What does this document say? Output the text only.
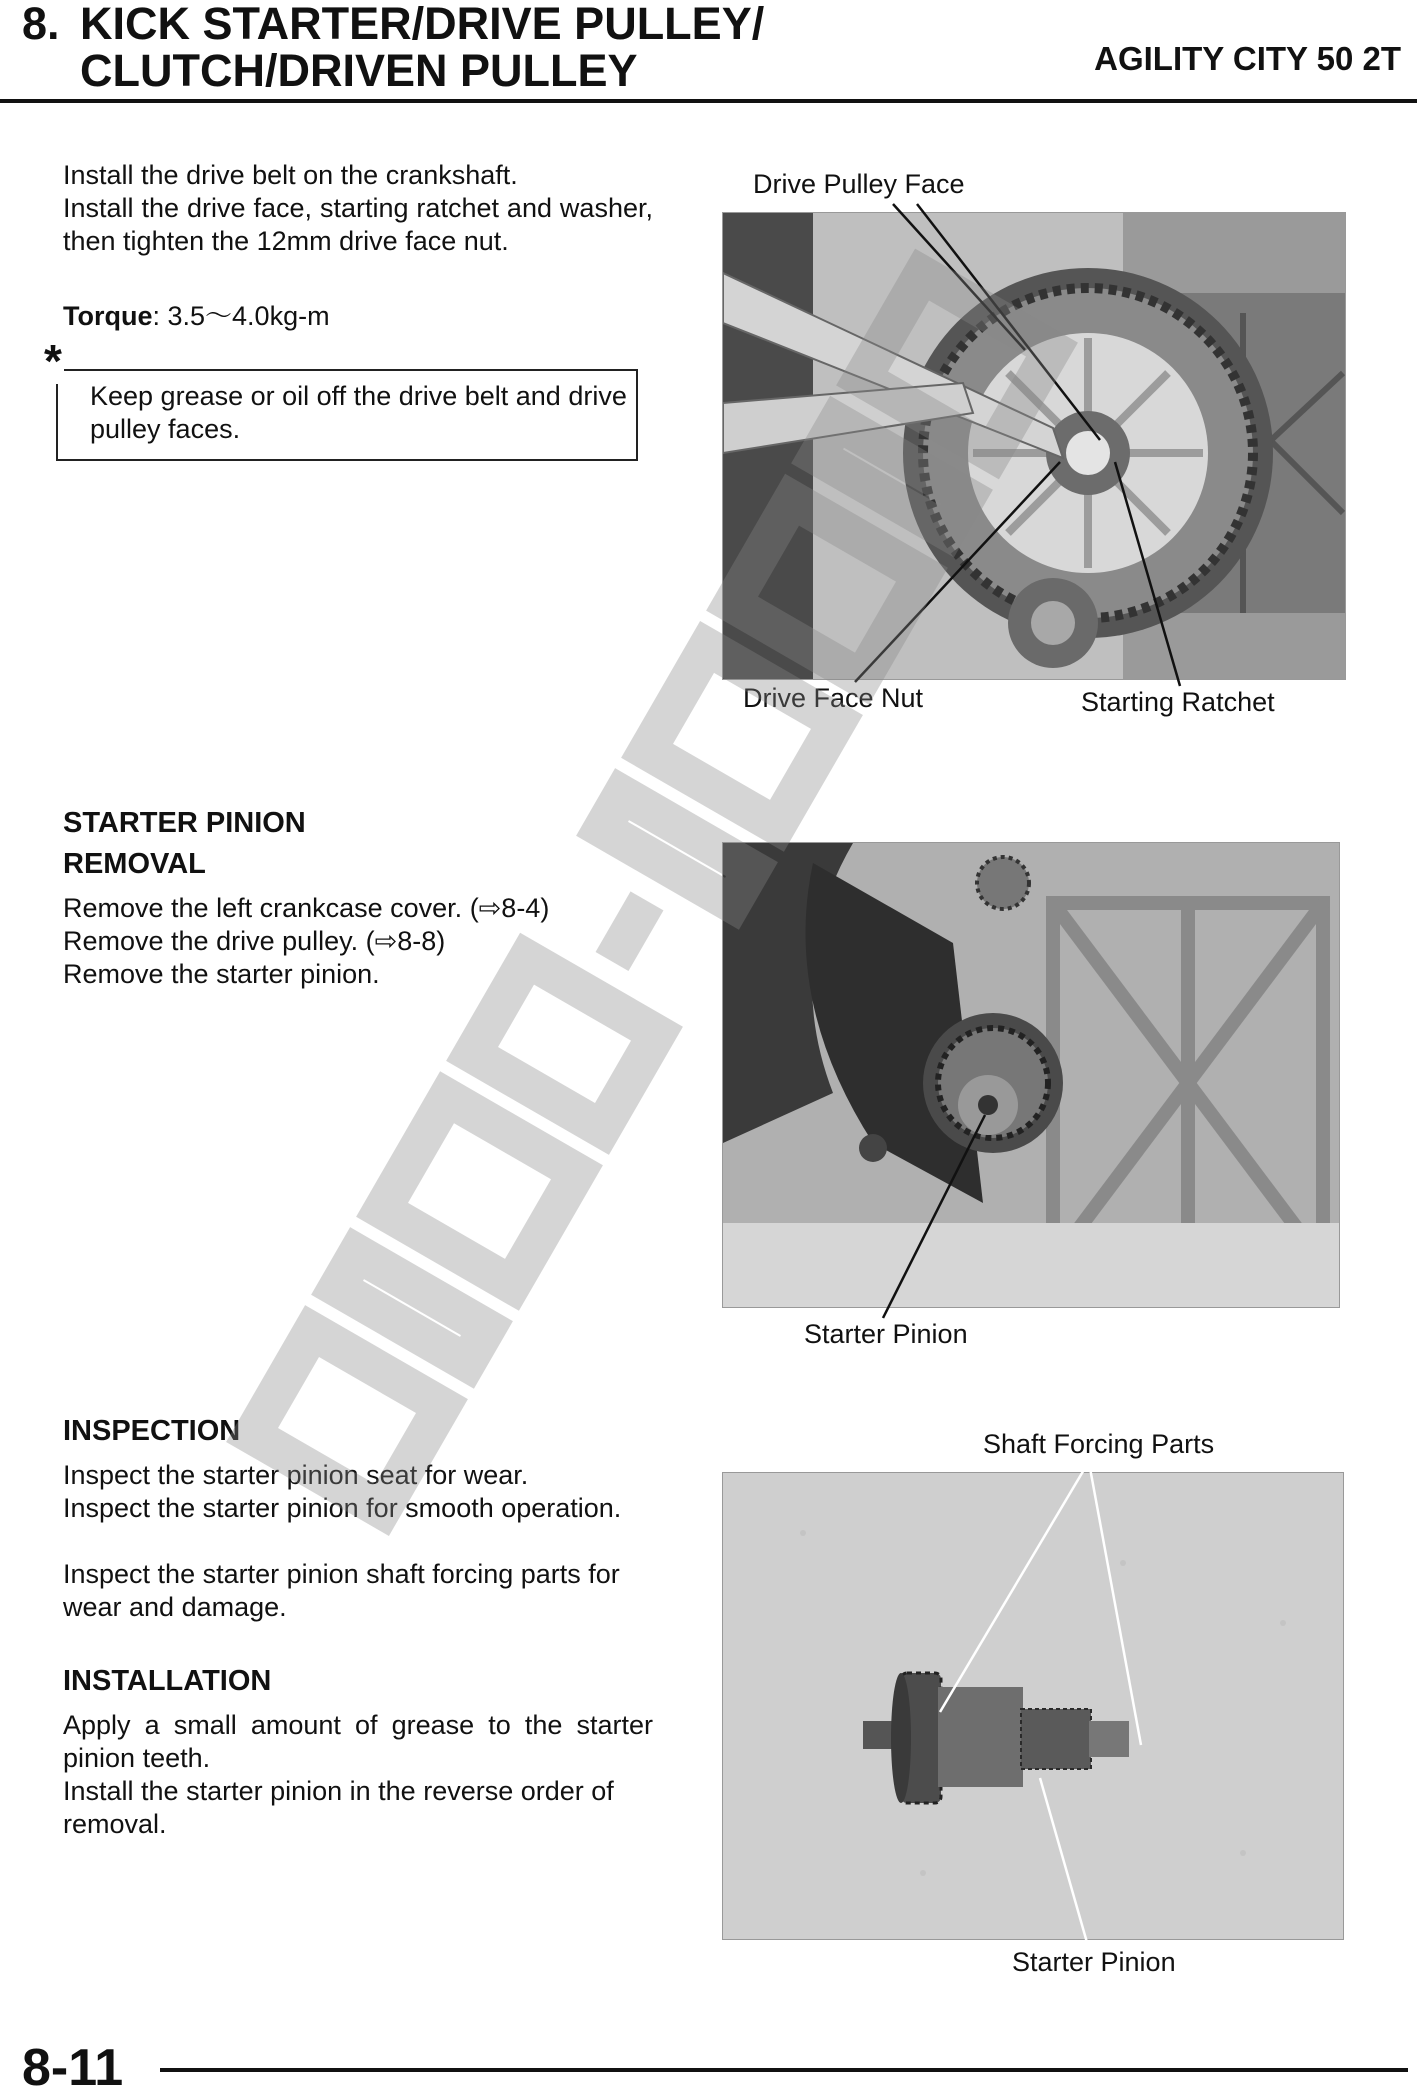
8. KICK STARTER/DRIVE PULLEY/
CLUTCH/DRIVEN PULLEY	AGILITY CITY 50 2T
Install the drive belt on the crankshaft.
Install the drive face, starting ratchet and washer, then tighten the 12mm drive face nut.
Torque: 3.5～4.0kg-m
*
Keep grease or oil off the drive belt and drive pulley faces.
Drive Pulley Face
Drive Face Nut	Starting Ratchet
STARTER PINION
REMOVAL
Remove the left crankcase cover. (⇨8-4)
Remove the drive pulley. (⇨8-8)
Remove the starter pinion.
Starter Pinion
INSPECTION
Inspect the starter pinion seat for wear.
Inspect the starter pinion for smooth operation.
Inspect the starter pinion shaft forcing parts for wear and damage.
INSTALLATION
Apply a small amount of grease to the starter pinion teeth.
Install the starter pinion in the reverse order of removal.
Shaft Forcing Parts
Starter Pinion
8-11
